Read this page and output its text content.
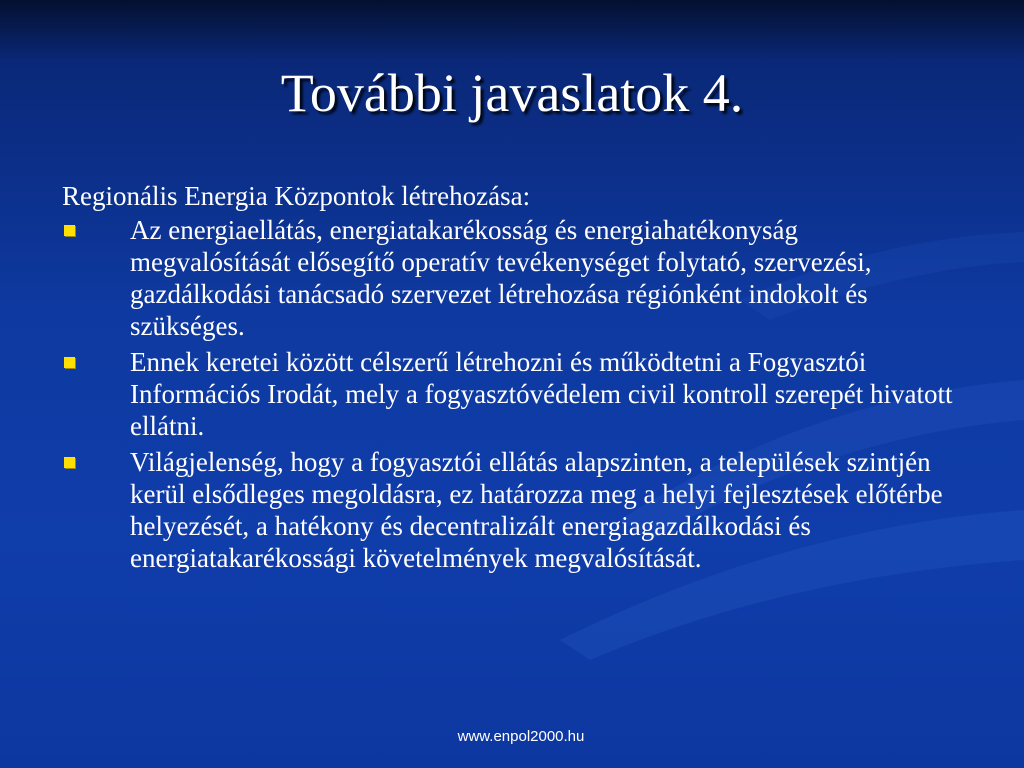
További javaslatok 4.

Regionális Energia Központok létrehozása:

Az energiaellátás, energiatakarékosság és energiahatékonyság megvalósítását elősegítő operatív tevékenységet folytató, szervezési, gazdálkodási tanácsadó szervezet létrehozása régiónként indokolt és szükséges.
Ennek keretei között célszerű létrehozni és működtetni a Fogyasztói Információs Irodát, mely a fogyasztóvédelem civil kontroll szerepét hivatott ellátni.
Világjelenség, hogy a fogyasztói ellátás alapszinten, a települések szintjén kerül elsődleges megoldásra, ez határozza meg a helyi fejlesztések előtérbe helyezését, a hatékony és decentralizált energiagazdálkodási és energiatakarékossági követelmények megvalósítását.
www.enpol2000.hu
